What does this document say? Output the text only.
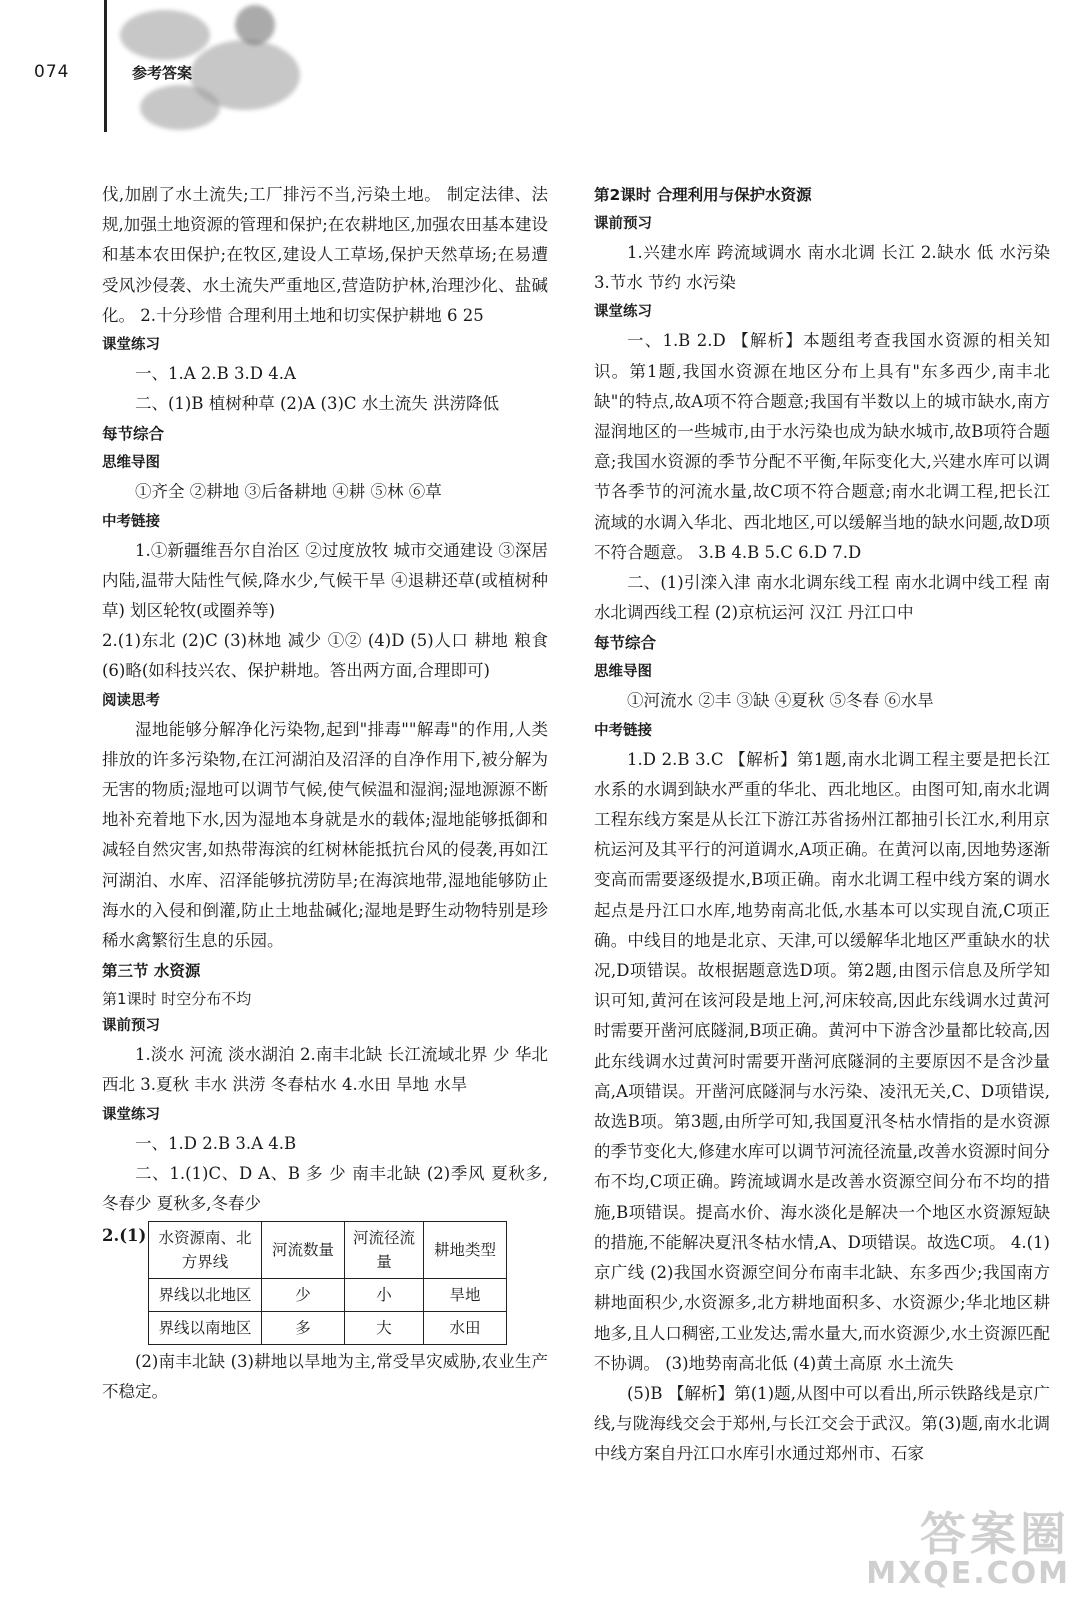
074	参考答案

伐,加剧了水土流失;工厂排污不当,污染土地。 制定法律、法规,加强土地资源的管理和保护;在农耕地区,加强农田基本建设和基本农田保护;在牧区,建设人工草场,保护天然草场;在易遭受风沙侵袭、水土流失严重地区,营造防护林,治理沙化、盐碱化。 2.十分珍惜 合理利用土地和切实保护耕地 6 25

课堂练习

一、1.A 2.B 3.D 4.A

二、(1)B 植树种草 (2)A (3)C 水土流失 洪涝降低

每节综合

思维导图

①齐全 ②耕地 ③后备耕地 ④耕 ⑤林 ⑥草

中考链接

1.①新疆维吾尔自治区 ②过度放牧 城市交通建设 ③深居内陆,温带大陆性气候,降水少,气候干旱 ④退耕还草(或植树种草) 划区轮牧(或圈养等)

2.(1)东北 (2)C (3)林地 减少 ①② (4)D (5)人口 耕地 粮食 (6)略(如科技兴农、保护耕地。答出两方面,合理即可)

阅读思考

湿地能够分解净化污染物,起到"排毒""解毒"的作用,人类排放的许多污染物,在江河湖泊及沼泽的自净作用下,被分解为无害的物质;湿地可以调节气候,使气候温和湿润;湿地源源不断地补充着地下水,因为湿地本身就是水的载体;湿地能够抵御和减轻自然灾害,如热带海滨的红树林能抵抗台风的侵袭,再如江河湖泊、水库、沼泽能够抗涝防旱;在海滨地带,湿地能够防止海水的入侵和倒灌,防止土地盐碱化;湿地是野生动物特别是珍稀水禽繁衍生息的乐园。

第三节 水资源

第1课时 时空分布不均

课前预习

1.淡水 河流 淡水湖泊 2.南丰北缺 长江流域北界 少 华北 西北 3.夏秋 丰水 洪涝 冬春枯水 4.水田 旱地 水旱

课堂练习

一、1.D 2.B 3.A 4.B

二、1.(1)C、D A、B 多 少 南丰北缺 (2)季风 夏秋多,冬春少 夏秋多,冬春少

2.(1) 水资源南、北方界线	河流数量	河流径流量	耕地类型
界线以北地区	少	小	旱地
界线以南地区	多	大	水田

(2)南丰北缺 (3)耕地以旱地为主,常受旱灾威胁,农业生产不稳定。

第2课时 合理利用与保护水资源

课前预习

1.兴建水库 跨流域调水 南水北调 长江 2.缺水 低 水污染 3.节水 节约 水污染

课堂练习

一、1.B 2.D 【解析】本题组考查我国水资源的相关知识。第1题,我国水资源在地区分布上具有"东多西少,南丰北缺"的特点,故A项不符合题意;我国有半数以上的城市缺水,南方湿润地区的一些城市,由于水污染也成为缺水城市,故B项符合题意;我国水资源的季节分配不平衡,年际变化大,兴建水库可以调节各季节的河流水量,故C项不符合题意;南水北调工程,把长江流域的水调入华北、西北地区,可以缓解当地的缺水问题,故D项不符合题意。 3.B 4.B 5.C 6.D 7.D

二、(1)引滦入津 南水北调东线工程 南水北调中线工程 南水北调西线工程 (2)京杭运河 汉江 丹江口中

每节综合

思维导图

①河流水 ②丰 ③缺 ④夏秋 ⑤冬春 ⑥水旱

中考链接

1.D 2.B 3.C 【解析】第1题,南水北调工程主要是把长江水系的水调到缺水严重的华北、西北地区。由图可知,南水北调工程东线方案是从长江下游江苏省扬州江都抽引长江水,利用京杭运河及其平行的河道调水,A项正确。在黄河以南,因地势逐渐变高而需要逐级提水,B项正确。南水北调工程中线方案的调水起点是丹江口水库,地势南高北低,水基本可以实现自流,C项正确。中线目的地是北京、天津,可以缓解华北地区严重缺水的状况,D项错误。故根据题意选D项。第2题,由图示信息及所学知识可知,黄河在该河段是地上河,河床较高,因此东线调水过黄河时需要开凿河底隧洞,B项正确。黄河中下游含沙量都比较高,因此东线调水过黄河时需要开凿河底隧洞的主要原因不是含沙量高,A项错误。开凿河底隧洞与水污染、凌汛无关,C、D项错误,故选B项。第3题,由所学可知,我国夏汛冬枯水情指的是水资源的季节变化大,修建水库可以调节河流径流量,改善水资源时间分布不均,C项正确。跨流域调水是改善水资源空间分布不均的措施,B项错误。提高水价、海水淡化是解决一个地区水资源短缺的措施,不能解决夏汛冬枯水情,A、D项错误。故选C项。 4.(1)京广线 (2)我国水资源空间分布南丰北缺、东多西少;我国南方耕地面积少,水资源多,北方耕地面积多、水资源少;华北地区耕地多,且人口稠密,工业发达,需水量大,而水资源少,水土资源匹配不协调。 (3)地势南高北低 (4)黄土高原 水土流失

(5)B 【解析】第(1)题,从图中可以看出,所示铁路线是京广线,与陇海线交会于郑州,与长江交会于武汉。第(3)题,南水北调中线方案自丹江口水库引水通过郑州市、石家

答案圈
MXQE.COM
